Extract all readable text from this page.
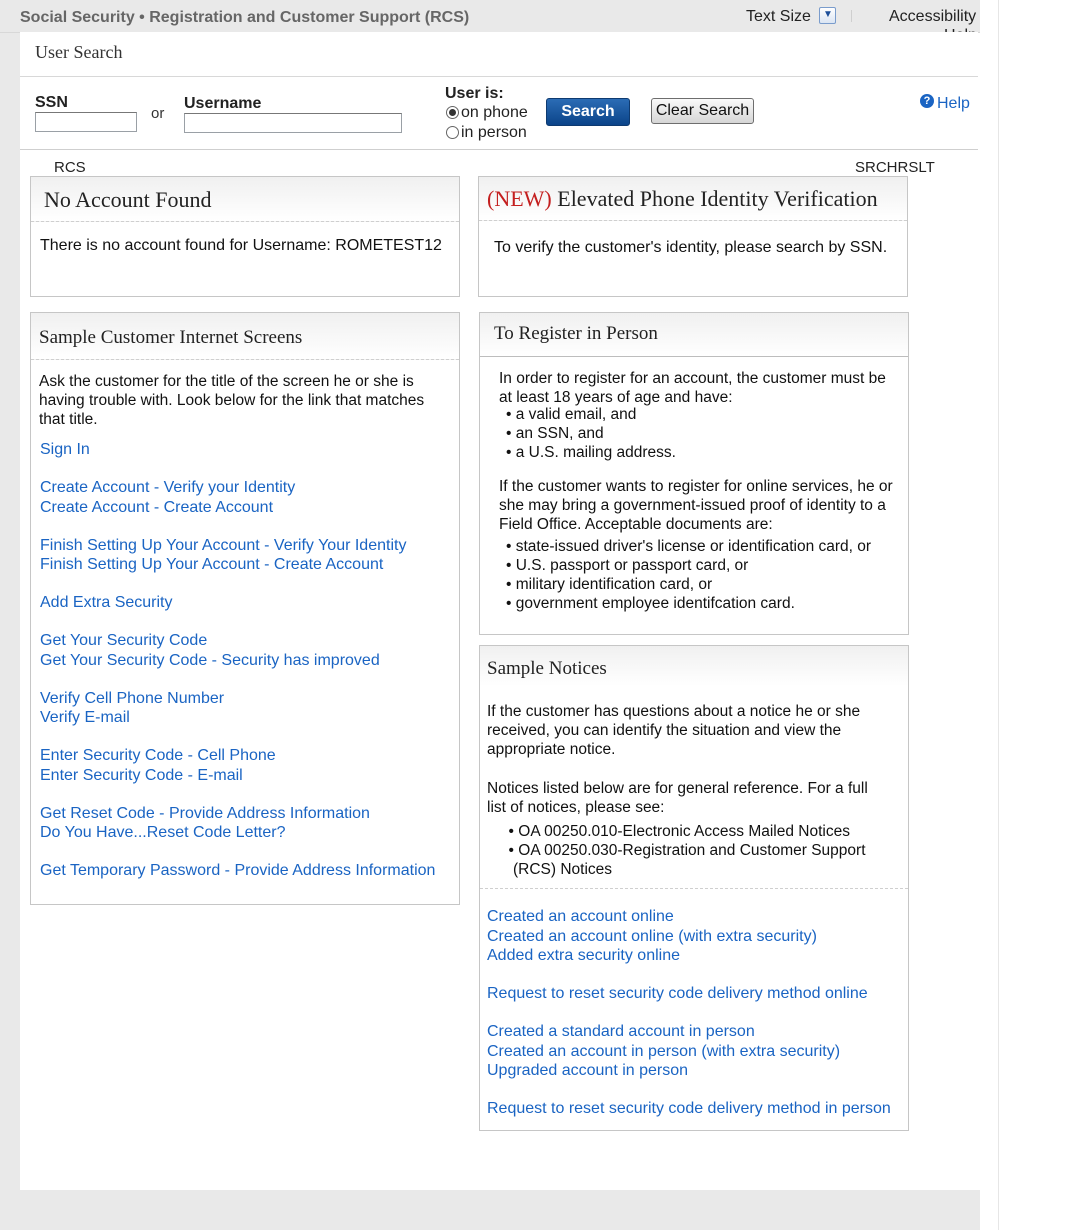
Social Security • Registration and Customer Support (RCS)	Text Size ▼	Accessibility
User Search
SSN
or
Username
User is:
on phone
in person
Search	Clear Search
? Help
RCS	SRCHRSLT
No Account Found
There is no account found for Username: ROMETEST12
(NEW) Elevated Phone Identity Verification
To verify the customer's identity, please search by SSN.
Sample Customer Internet Screens
Ask the customer for the title of the screen he or she is having trouble with. Look below for the link that matches that title.
Sign In
Create Account - Verify your Identity
Create Account - Create Account
Finish Setting Up Your Account - Verify Your Identity
Finish Setting Up Your Account - Create Account
Add Extra Security
Get Your Security Code
Get Your Security Code - Security has improved
Verify Cell Phone Number
Verify E-mail
Enter Security Code - Cell Phone
Enter Security Code - E-mail
Get Reset Code - Provide Address Information
Do You Have...Reset Code Letter?
Get Temporary Password - Provide Address Information
To Register in Person
In order to register for an account, the customer must be at least 18 years of age and have:
• a valid email, and
• an SSN, and
• a U.S. mailing address.
If the customer wants to register for online services, he or she may bring a government-issued proof of identity to a Field Office. Acceptable documents are:
• state-issued driver's license or identification card, or
• U.S. passport or passport card, or
• military identification card, or
• government employee identifcation card.
Sample Notices
If the customer has questions about a notice he or she received, you can identify the situation and view the appropriate notice.
Notices listed below are for general reference. For a full list of notices, please see:
• OA 00250.010-Electronic Access Mailed Notices
• OA 00250.030-Registration and Customer Support (RCS) Notices
Created an account online
Created an account online (with extra security)
Added extra security online
Request to reset security code delivery method online
Created a standard account in person
Created an account in person (with extra security)
Upgraded account in person
Request to reset security code delivery method in person
